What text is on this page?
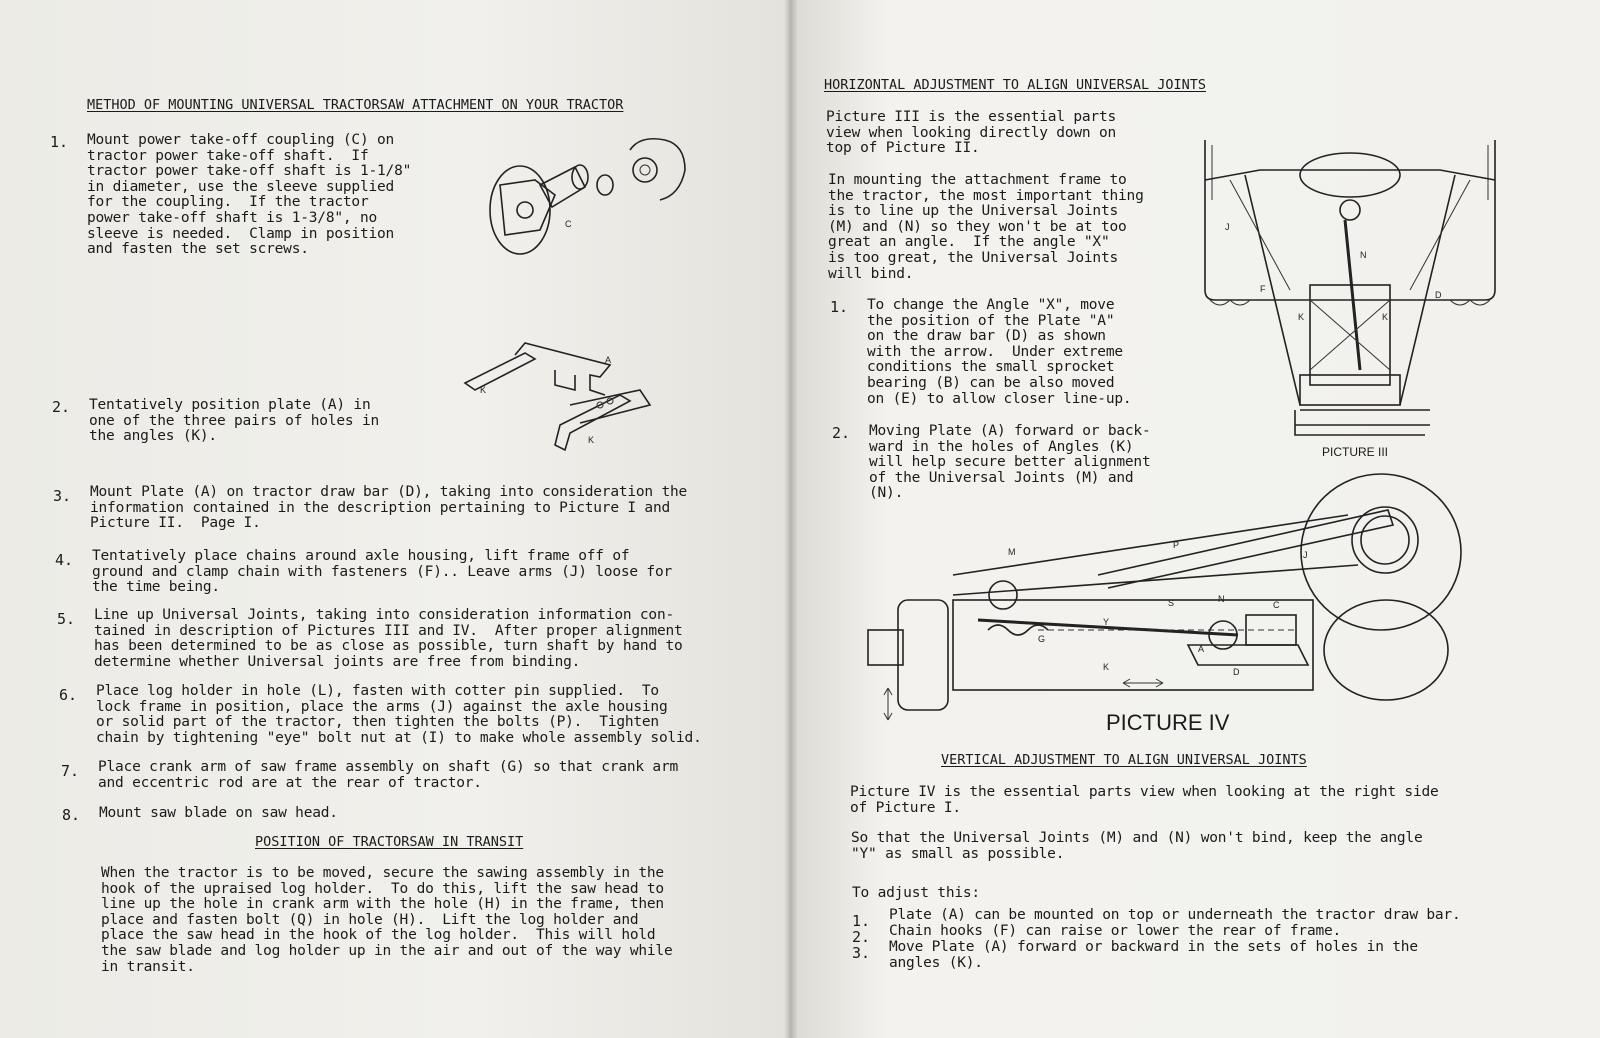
METHOD OF MOUNTING UNIVERSAL TRACTORSAW ATTACHMENT ON YOUR TRACTOR
1. Mount power take-off coupling (C) on
tractor power take-off shaft.  If
tractor power take-off shaft is 1-1/8"
in diameter, use the sleeve supplied
for the coupling.  If the tractor
power take-off shaft is 1-3/8", no
sleeve is needed.  Clamp in position
and fasten the set screws.
C
2. Tentatively position plate (A) in
one of the three pairs of holes in
the angles (K).
A
K
K
3. Mount Plate (A) on tractor draw bar (D), taking into consideration the
information contained in the description pertaining to Picture I and
Picture II.  Page I.
4. Tentatively place chains around axle housing, lift frame off of
ground and clamp chain with fasteners (F).. Leave arms (J) loose for
the time being.
5. Line up Universal Joints, taking into consideration information con-
tained in description of Pictures III and IV.  After proper alignment
has been determined to be as close as possible, turn shaft by hand to
determine whether Universal joints are free from binding.
6. Place log holder in hole (L), fasten with cotter pin supplied.  To
lock frame in position, place the arms (J) against the axle housing
or solid part of the tractor, then tighten the bolts (P).  Tighten
chain by tightening "eye" bolt nut at (I) to make whole assembly solid.
7. Place crank arm of saw frame assembly on shaft (G) so that crank arm
and eccentric rod are at the rear of tractor.
8. Mount saw blade on saw head.
POSITION OF TRACTORSAW IN TRANSIT
When the tractor is to be moved, secure the sawing assembly in the
hook of the upraised log holder.  To do this, lift the saw head to
line up the hole in crank arm with the hole (H) in the frame, then
place and fasten bolt (Q) in hole (H).  Lift the log holder and
place the saw head in the hook of the log holder.  This will hold
the saw blade and log holder up in the air and out of the way while
in transit.
HORIZONTAL ADJUSTMENT TO ALIGN UNIVERSAL JOINTS
Picture III is the essential parts
view when looking directly down on
top of Picture II.
In mounting the attachment frame to
the tractor, the most important thing
is to line up the Universal Joints
(M) and (N) so they won't be at too
great an angle.  If the angle "X"
is too great, the Universal Joints
will bind.
1. To change the Angle "X", move
the position of the Plate "A"
on the draw bar (D) as shown
with the arrow.  Under extreme
conditions the small sprocket
bearing (B) can be also moved
on (E) to allow closer line-up.
2. Moving Plate (A) forward or back-
ward in the holes of Angles (K)
will help secure better alignment
of the Universal Joints (M) and
(N).
J
F
K	K
D
N
PICTURE III
M
P
J
S	N
C
Y
G
K
A
D
PICTURE IV
VERTICAL ADJUSTMENT TO ALIGN UNIVERSAL JOINTS
Picture IV is the essential parts view when looking at the right side
of Picture I.
So that the Universal Joints (M) and (N) won't bind, keep the angle
"Y" as small as possible.
To adjust this:
1. Plate (A) can be mounted on top or underneath the tractor draw bar.
2. Chain hooks (F) can raise or lower the rear of frame.
3. Move Plate (A) forward or backward in the sets of holes in the
angles (K).
